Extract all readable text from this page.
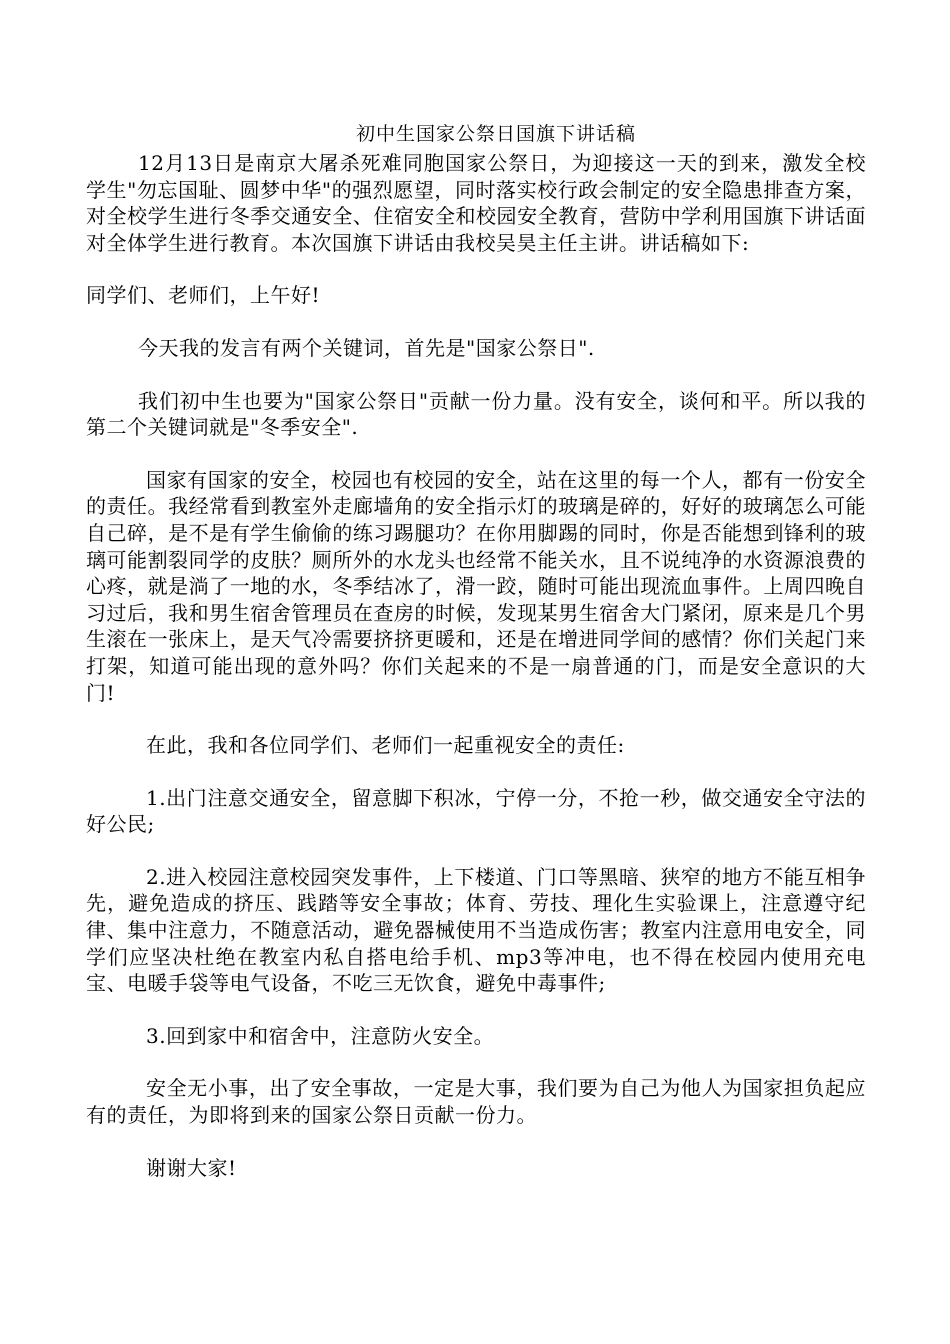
初中生国家公祭日国旗下讲话稿

12月13日是南京大屠杀死难同胞国家公祭日，为迎接这一天的到来，激发全校学生"勿忘国耻、圆梦中华"的强烈愿望，同时落实校行政会制定的安全隐患排查方案，对全校学生进行冬季交通安全、住宿安全和校园安全教育，营防中学利用国旗下讲话面对全体学生进行教育。本次国旗下讲话由我校吴昊主任主讲。讲话稿如下:

同学们、老师们，上午好!

今天我的发言有两个关键词，首先是"国家公祭日".

我们初中生也要为"国家公祭日"贡献一份力量。没有安全，谈何和平。所以我的第二个关键词就是"冬季安全".

国家有国家的安全，校园也有校园的安全，站在这里的每一个人，都有一份安全的责任。我经常看到教室外走廊墙角的安全指示灯的玻璃是碎的，好好的玻璃怎么可能自己碎，是不是有学生偷偷的练习踢腿功？在你用脚踢的同时，你是否能想到锋利的玻璃可能割裂同学的皮肤？厕所外的水龙头也经常不能关水，且不说纯净的水资源浪费的心疼，就是淌了一地的水，冬季结冰了，滑一跤，随时可能出现流血事件。上周四晚自习过后，我和男生宿舍管理员在查房的时候，发现某男生宿舍大门紧闭，原来是几个男生滚在一张床上，是天气冷需要挤挤更暖和，还是在增进同学间的感情？你们关起门来打架，知道可能出现的意外吗？你们关起来的不是一扇普通的门，而是安全意识的大门!

在此，我和各位同学们、老师们一起重视安全的责任:

1.出门注意交通安全，留意脚下积冰，宁停一分，不抢一秒，做交通安全守法的好公民;

2.进入校园注意校园突发事件，上下楼道、门口等黑暗、狭窄的地方不能互相争先，避免造成的挤压、践踏等安全事故；体育、劳技、理化生实验课上，注意遵守纪律、集中注意力，不随意活动，避免器械使用不当造成伤害；教室内注意用电安全，同学们应坚决杜绝在教室内私自搭电给手机、mp3等冲电，也不得在校园内使用充电宝、电暖手袋等电气设备，不吃三无饮食，避免中毒事件;

3.回到家中和宿舍中，注意防火安全。

安全无小事，出了安全事故，一定是大事，我们要为自己为他人为国家担负起应有的责任，为即将到来的国家公祭日贡献一份力。

谢谢大家!
